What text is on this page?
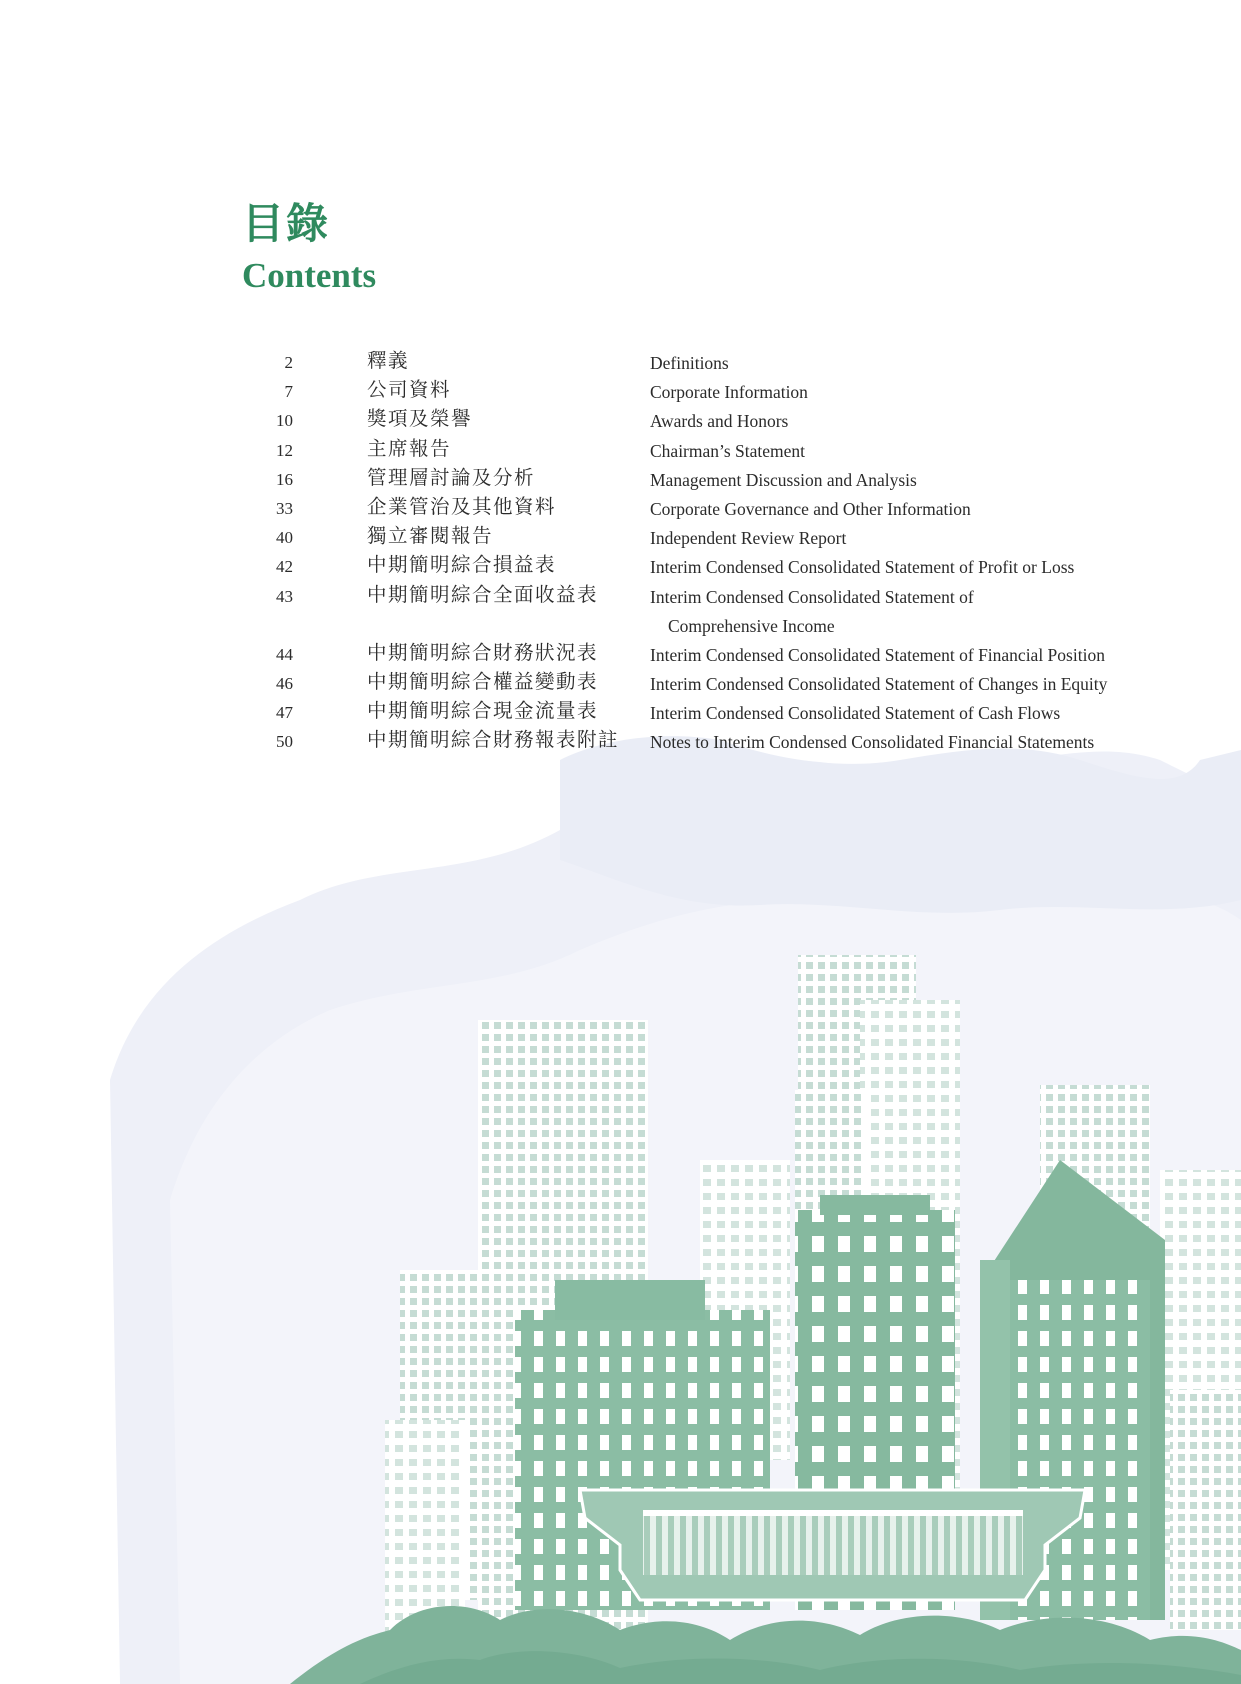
目錄
Contents
2	釋義	Definitions
7	公司資料	Corporate Information
10	獎項及榮譽	Awards and Honors
12	主席報告	Chairman’s Statement
16	管理層討論及分析	Management Discussion and Analysis
33	企業管治及其他資料	Corporate Governance and Other Information
40	獨立審閱報告	Independent Review Report
42	中期簡明綜合損益表	Interim Condensed Consolidated Statement of Profit or Loss
43	中期簡明綜合全面收益表	Interim Condensed Consolidated Statement of
Comprehensive Income
44	中期簡明綜合財務狀況表	Interim Condensed Consolidated Statement of Financial Position
46	中期簡明綜合權益變動表	Interim Condensed Consolidated Statement of Changes in Equity
47	中期簡明綜合現金流量表	Interim Condensed Consolidated Statement of Cash Flows
50	中期簡明綜合財務報表附註 Notes to Interim Condensed Consolidated Financial Statements
